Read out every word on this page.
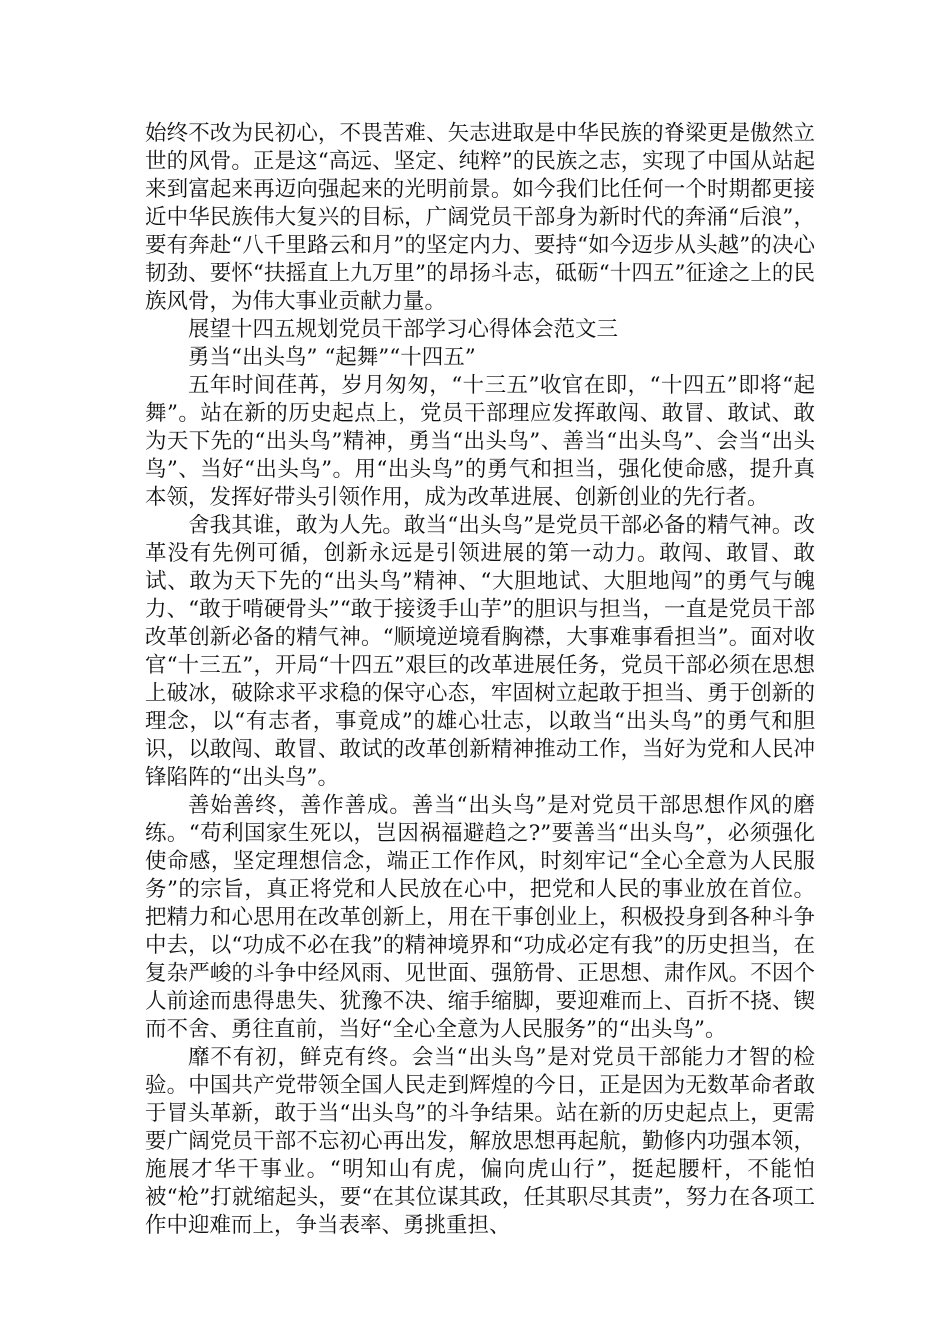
始终不改为民初心，不畏苦难、矢志进取是中华民族的脊梁更是傲然立世的风骨。正是这“高远、坚定、纯粹”的民族之志，实现了中国从站起来到富起来再迈向强起来的光明前景。如今我们比任何一个时期都更接近中华民族伟大复兴的目标，广阔党员干部身为新时代的奔涌“后浪”，要有奔赴“八千里路云和月”的坚定内力、要持“如今迈步从头越”的决心韧劲、要怀“扶摇直上九万里”的昂扬斗志，砥砺“十四五”征途之上的民族风骨，为伟大事业贡献力量。

展望十四五规划党员干部学习心得体会范文三

勇当“出头鸟” “起舞”“十四五”

五年时间荏苒，岁月匆匆，“十三五”收官在即，“十四五”即将“起舞”。站在新的历史起点上，党员干部理应发挥敢闯、敢冒、敢试、敢为天下先的“出头鸟”精神，勇当“出头鸟”、善当“出头鸟”、会当“出头鸟”、当好“出头鸟”。用“出头鸟”的勇气和担当，强化使命感，提升真本领，发挥好带头引领作用，成为改革进展、创新创业的先行者。

舍我其谁，敢为人先。敢当“出头鸟”是党员干部必备的精气神。改革没有先例可循，创新永远是引领进展的第一动力。敢闯、敢冒、敢试、敢为天下先的“出头鸟”精神、“大胆地试、大胆地闯”的勇气与魄力、“敢于啃硬骨头”“敢于接烫手山芋”的胆识与担当，一直是党员干部改革创新必备的精气神。“顺境逆境看胸襟，大事难事看担当”。面对收官“十三五”，开局“十四五”艰巨的改革进展任务，党员干部必须在思想上破冰，破除求平求稳的保守心态，牢固树立起敢于担当、勇于创新的理念，以“有志者，事竟成”的雄心壮志，以敢当“出头鸟”的勇气和胆识，以敢闯、敢冒、敢试的改革创新精神推动工作，当好为党和人民冲锋陷阵的“出头鸟”。

善始善终，善作善成。善当“出头鸟”是对党员干部思想作风的磨练。“苟利国家生死以，岂因祸福避趋之?”要善当“出头鸟”，必须强化使命感，坚定理想信念，端正工作作风，时刻牢记“全心全意为人民服务”的宗旨，真正将党和人民放在心中，把党和人民的事业放在首位。把精力和心思用在改革创新上，用在干事创业上，积极投身到各种斗争中去，以“功成不必在我”的精神境界和“功成必定有我”的历史担当，在复杂严峻的斗争中经风雨、见世面、强筋骨、正思想、肃作风。不因个人前途而患得患失、犹豫不决、缩手缩脚，要迎难而上、百折不挠、锲而不舍、勇往直前，当好“全心全意为人民服务”的“出头鸟”。

靡不有初，鲜克有终。会当“出头鸟”是对党员干部能力才智的检验。中国共产党带领全国人民走到辉煌的今日，正是因为无数革命者敢于冒头革新，敢于当“出头鸟”的斗争结果。站在新的历史起点上，更需要广阔党员干部不忘初心再出发，解放思想再起航，勤修内功强本领，施展才华干事业。“明知山有虎，偏向虎山行”，挺起腰杆，不能怕被“枪”打就缩起头，要“在其位谋其政，任其职尽其责”，努力在各项工作中迎难而上，争当表率、勇挑重担、
